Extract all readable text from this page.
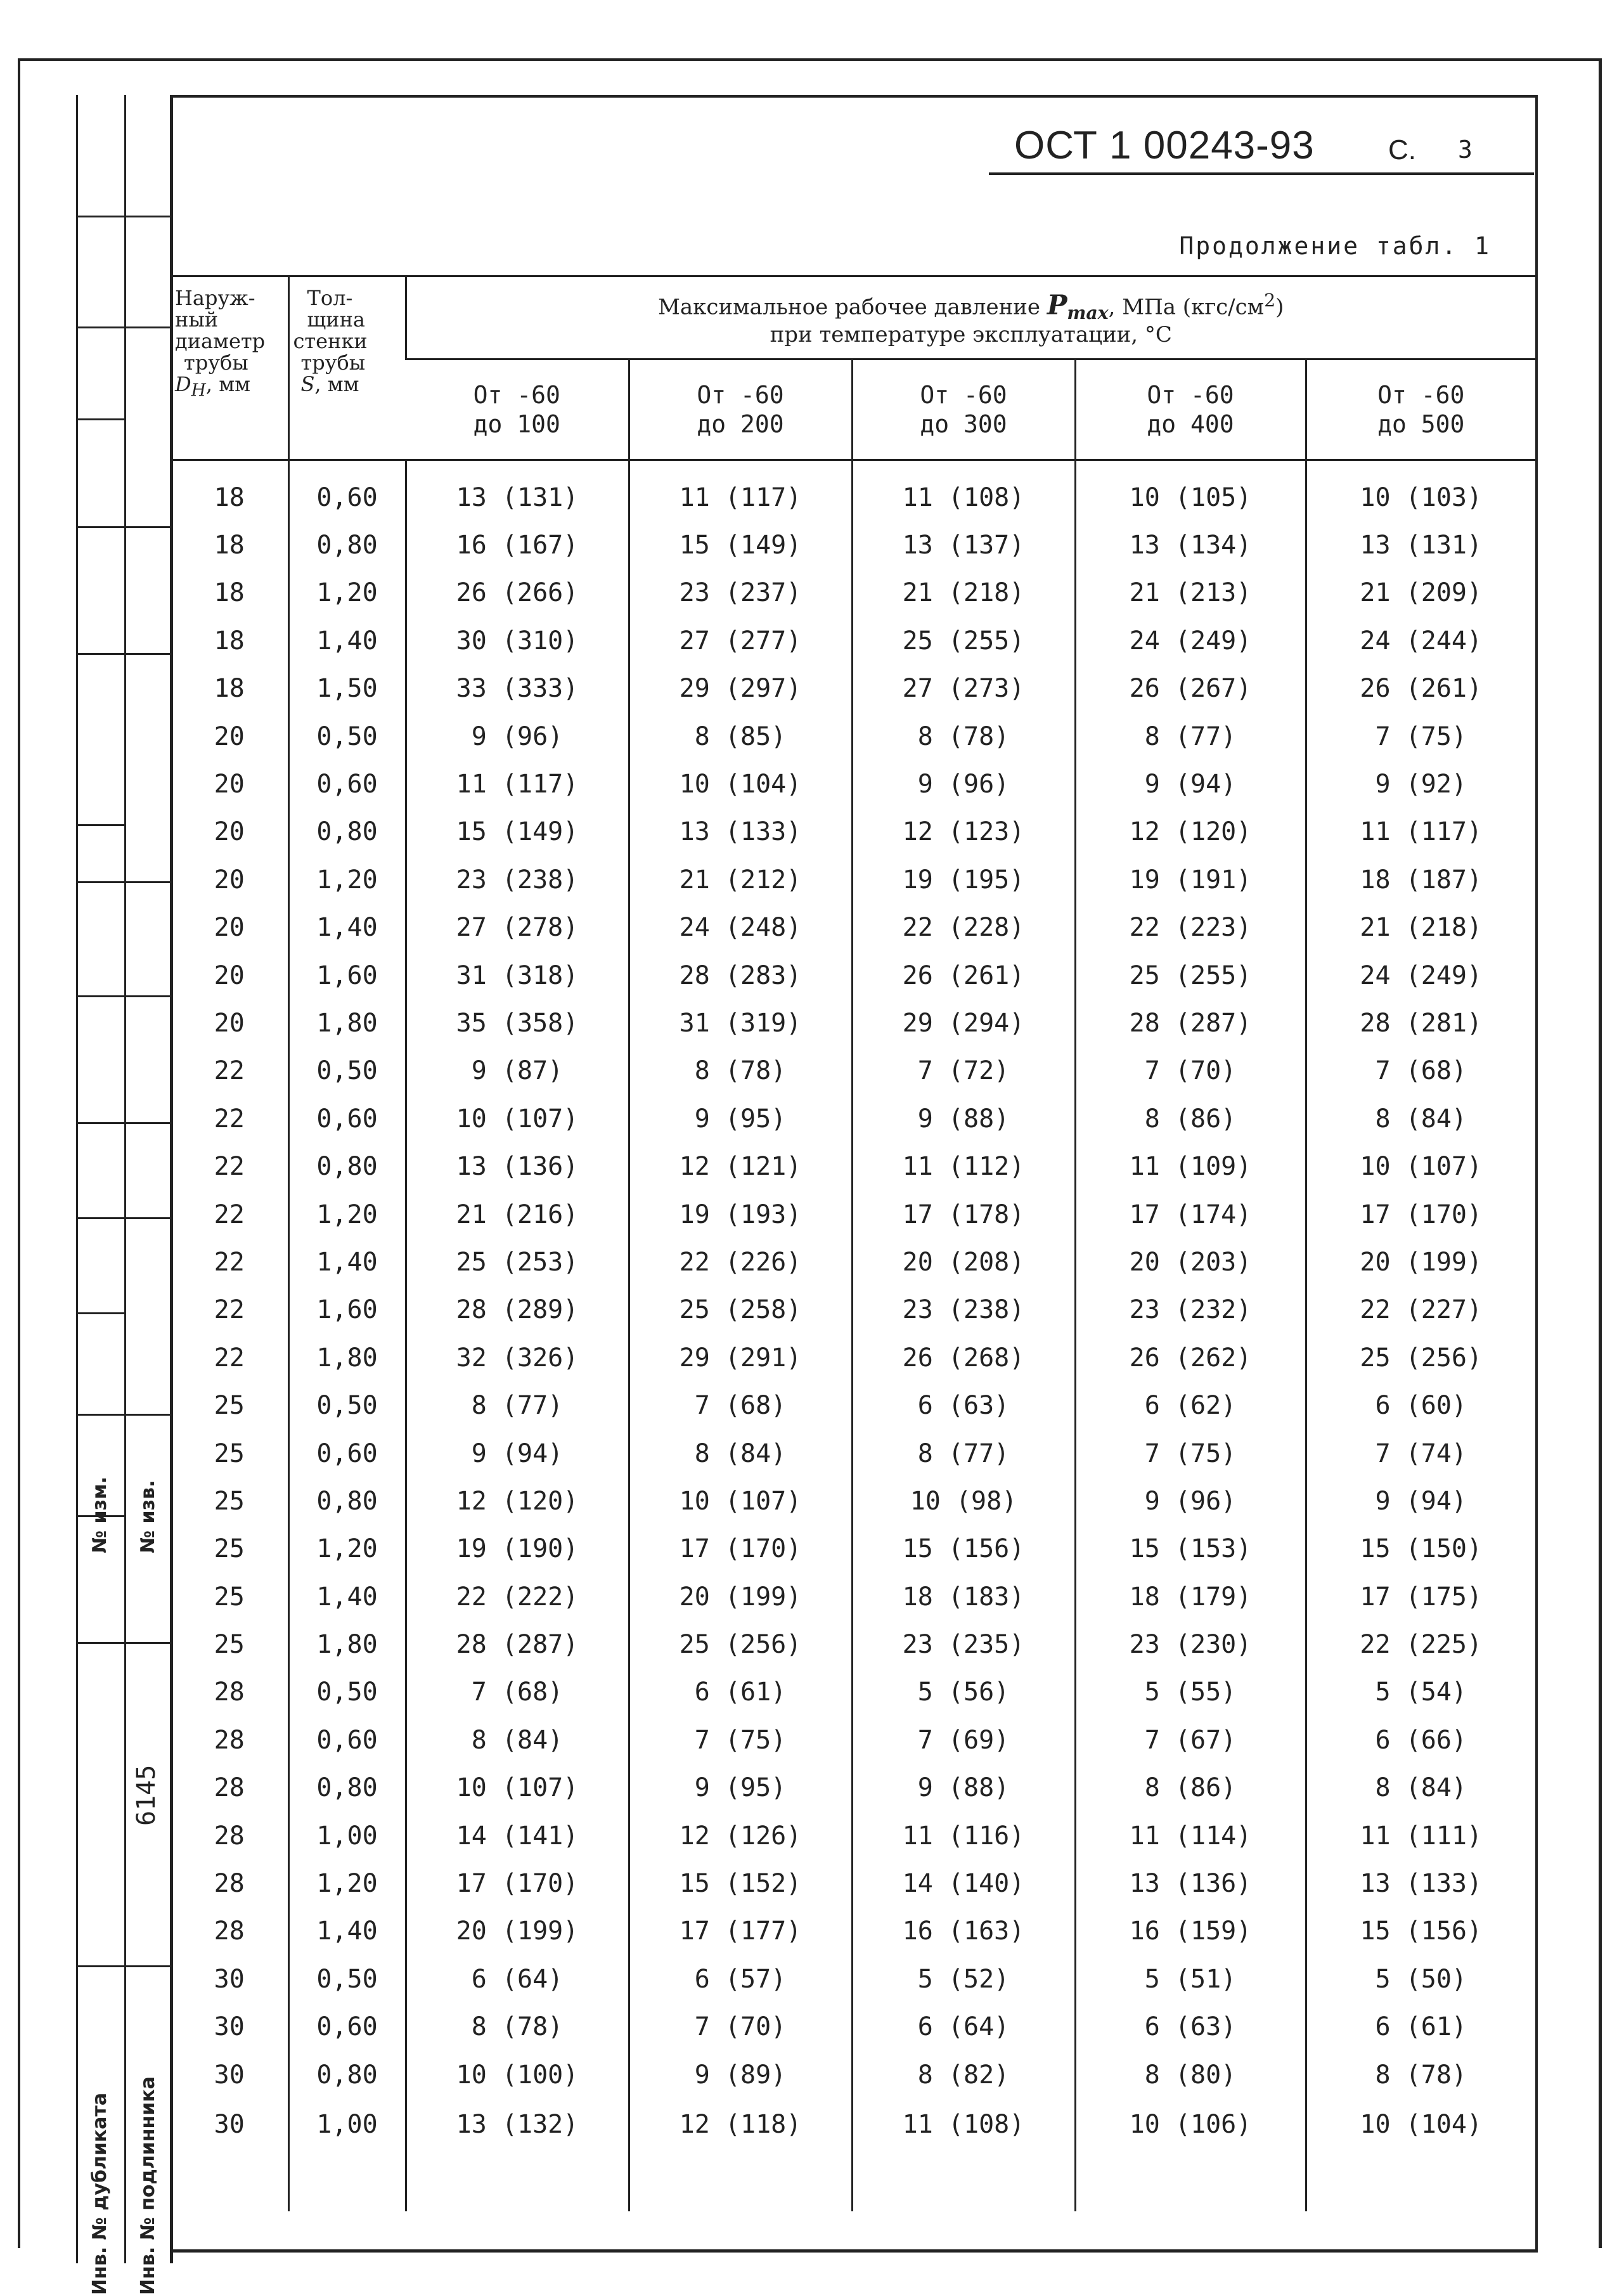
№ изм. № изв.
6145
Инв. № дубликата Инв. № подлинника
ОСТ 1 00243-93	С. 3
Продолжение табл. 1
Наруж-
ный
диаметр
трубы
$D_Н$, мм	Тол-
щина
стенки
трубы
S, мм	Максимальное рабочее давление $P_{max}$, МПа $(кгс/см^2)$
при температуре эксплуатации, °С				
		От -60
до 100	От -60
до 200	От -60
до 300	От -60
до 400	От -60
до 500
18	0,60	13 (131)	11 (117)	11 (108)	10 (105)	10 (103)
18	0,80	16 (167)	15 (149)	13 (137)	13 (134)	13 (131)
18	1,20	26 (266)	23 (237)	21 (218)	21 (213)	21 (209)
18	1,40	30 (310)	27 (277)	25 (255)	24 (249)	24 (244)
18	1,50	33 (333)	29 (297)	27 (273)	26 (267)	26 (261)
20	0,50	9 (96)	8 (85)	8 (78)	8 (77)	7 (75)
20	0,60	11 (117)	10 (104)	9 (96)	9 (94)	9 (92)
20	0,80	15 (149)	13 (133)	12 (123)	12 (120)	11 (117)
20	1,20	23 (238)	21 (212)	19 (195)	19 (191)	18 (187)
20	1,40	27 (278)	24 (248)	22 (228)	22 (223)	21 (218)
20	1,60	31 (318)	28 (283)	26 (261)	25 (255)	24 (249)
20	1,80	35 (358)	31 (319)	29 (294)	28 (287)	28 (281)
22	0,50	9 (87)	8 (78)	7 (72)	7 (70)	7 (68)
22	0,60	10 (107)	9 (95)	9 (88)	8 (86)	8 (84)
22	0,80	13 (136)	12 (121)	11 (112)	11 (109)	10 (107)
22	1,20	21 (216)	19 (193)	17 (178)	17 (174)	17 (170)
22	1,40	25 (253)	22 (226)	20 (208)	20 (203)	20 (199)
22	1,60	28 (289)	25 (258)	23 (238)	23 (232)	22 (227)
22	1,80	32 (326)	29 (291)	26 (268)	26 (262)	25 (256)
25	0,50	8 (77)	7 (68)	6 (63)	6 (62)	6 (60)
25	0,60	9 (94)	8 (84)	8 (77)	7 (75)	7 (74)
25	0,80	12 (120)	10 (107)	10 (98)	9 (96)	9 (94)
25	1,20	19 (190)	17 (170)	15 (156)	15 (153)	15 (150)
25	1,40	22 (222)	20 (199)	18 (183)	18 (179)	17 (175)
25	1,80	28 (287)	25 (256)	23 (235)	23 (230)	22 (225)
28	0,50	7 (68)	6 (61)	5 (56)	5 (55)	5 (54)
28	0,60	8 (84)	7 (75)	7 (69)	7 (67)	6 (66)
28	0,80	10 (107)	9 (95)	9 (88)	8 (86)	8 (84)
28	1,00	14 (141)	12 (126)	11 (116)	11 (114)	11 (111)
28	1,20	17 (170)	15 (152)	14 (140)	13 (136)	13 (133)
28	1,40	20 (199)	17 (177)	16 (163)	16 (159)	15 (156)
30	0,50	6 (64)	6 (57)	5 (52)	5 (51)	5 (50)
30	0,60	8 (78)	7 (70)	6 (64)	6 (63)	6 (61)
30	0,80	10 (100)	9 (89)	8 (82)	8 (80)	8 (78)
30	1,00	13 (132)	12 (118)	11 (108)	10 (106)	10 (104)
